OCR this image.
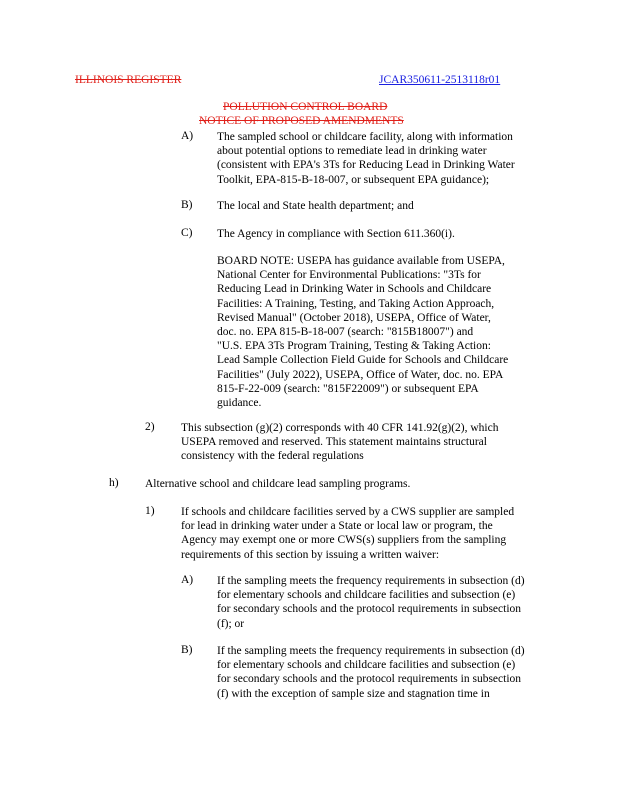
ILLINOIS REGISTER	JCAR350611-2513118r01
POLLUTION CONTROL BOARD
NOTICE OF PROPOSED AMENDMENTS
A) The sampled school or childcare facility, along with information
about potential options to remediate lead in drinking water
(consistent with EPA's 3Ts for Reducing Lead in Drinking Water
Toolkit, EPA-815-B-18-007, or subsequent EPA guidance);
B) The local and State health department; and
C) The Agency in compliance with Section 611.360(i).
BOARD NOTE: USEPA has guidance available from USEPA,
National Center for Environmental Publications: "3Ts for
Reducing Lead in Drinking Water in Schools and Childcare
Facilities: A Training, Testing, and Taking Action Approach,
Revised Manual" (October 2018), USEPA, Office of Water,
doc. no. EPA 815-B-18-007 (search: "815B18007") and
"U.S. EPA 3Ts Program Training, Testing & Taking Action:
Lead Sample Collection Field Guide for Schools and Childcare
Facilities" (July 2022), USEPA, Office of Water, doc. no. EPA
815-F-22-009 (search: "815F22009") or subsequent EPA
guidance.
2) This subsection (g)(2) corresponds with 40 CFR 141.92(g)(2), which
USEPA removed and reserved. This statement maintains structural
consistency with the federal regulations
h) Alternative school and childcare lead sampling programs.
1) If schools and childcare facilities served by a CWS supplier are sampled
for lead in drinking water under a State or local law or program, the
Agency may exempt one or more CWS(s) suppliers from the sampling
requirements of this section by issuing a written waiver:
A) If the sampling meets the frequency requirements in subsection (d)
for elementary schools and childcare facilities and subsection (e)
for secondary schools and the protocol requirements in subsection
(f); or
B) If the sampling meets the frequency requirements in subsection (d)
for elementary schools and childcare facilities and subsection (e)
for secondary schools and the protocol requirements in subsection
(f) with the exception of sample size and stagnation time in
